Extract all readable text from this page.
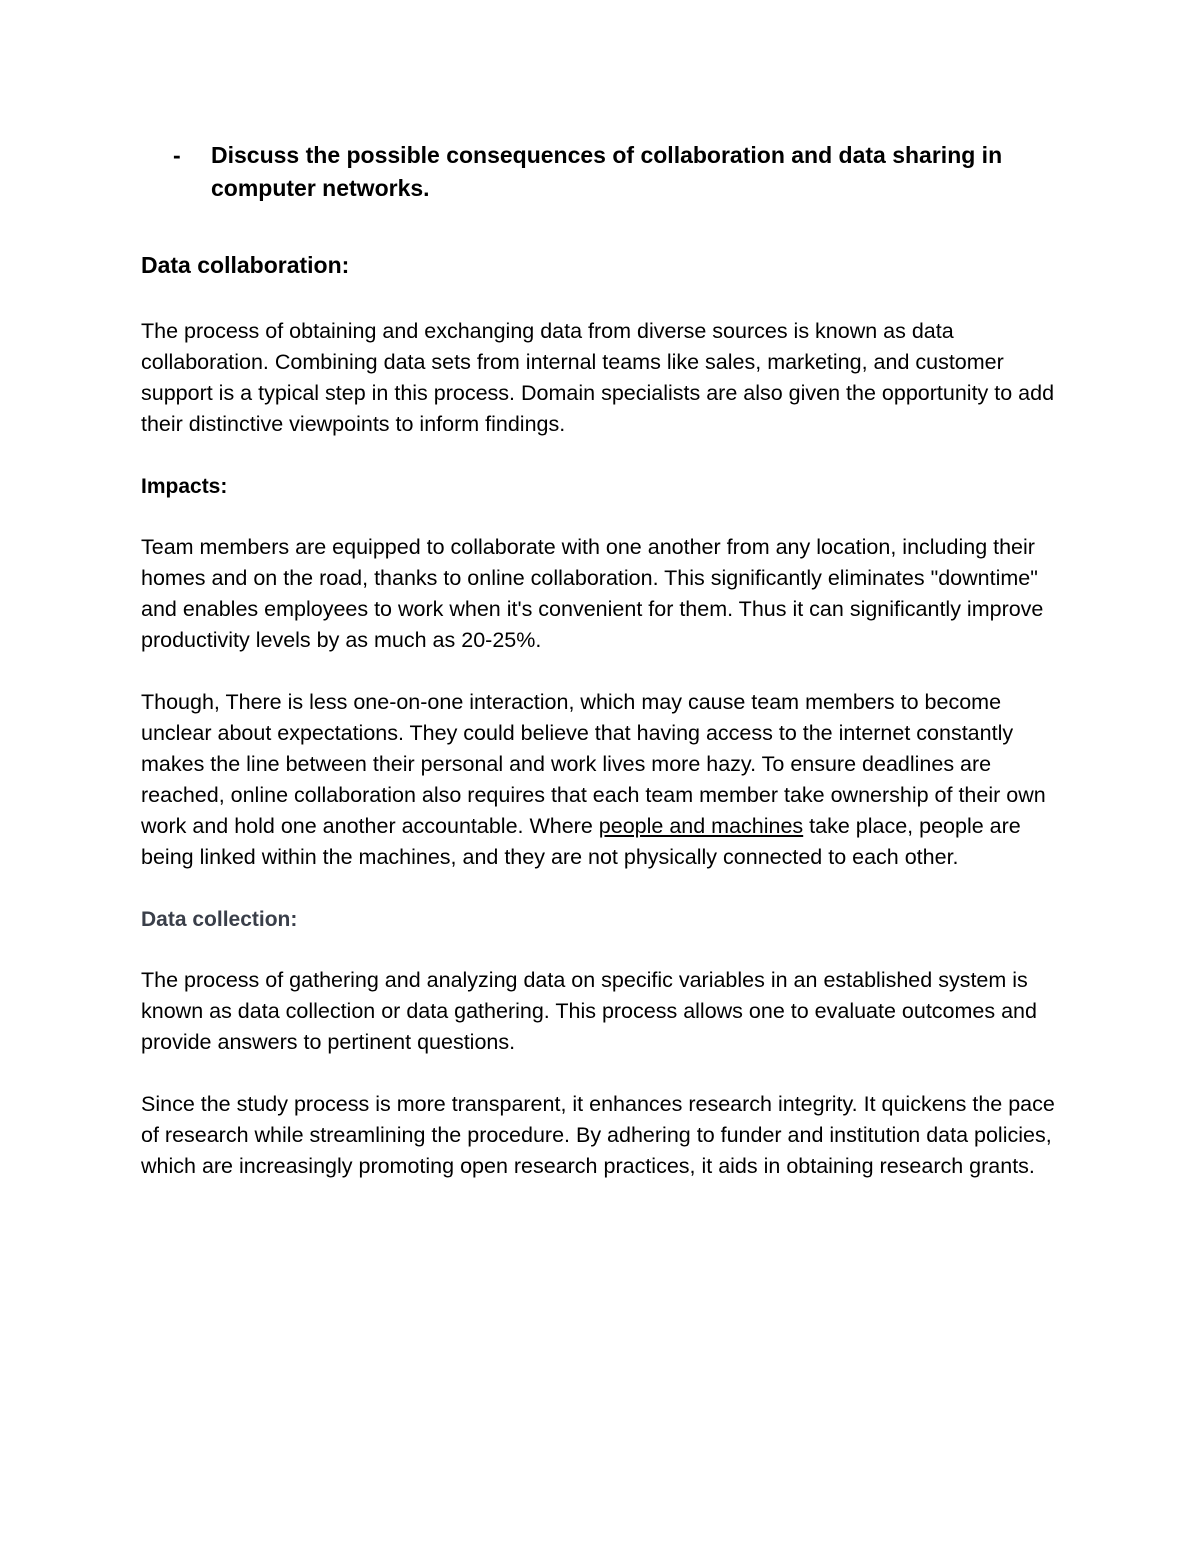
- Discuss the possible consequences of collaboration and data sharing in computer networks.
Data collaboration:

The process of obtaining and exchanging data from diverse sources is known as data collaboration. Combining data sets from internal teams like sales, marketing, and customer support is a typical step in this process. Domain specialists are also given the opportunity to add their distinctive viewpoints to inform findings.

Impacts:

Team members are equipped to collaborate with one another from any location, including their homes and on the road, thanks to online collaboration. This significantly eliminates "downtime" and enables employees to work when it's convenient for them. Thus it can significantly improve productivity levels by as much as 20-25%.

Though, There is less one-on-one interaction, which may cause team members to become unclear about expectations. They could believe that having access to the internet constantly makes the line between their personal and work lives more hazy. To ensure deadlines are reached, online collaboration also requires that each team member take ownership of their own work and hold one another accountable. Where people and machines take place, people are being linked within the machines, and they are not physically connected to each other.

Data collection:

The process of gathering and analyzing data on specific variables in an established system is known as data collection or data gathering. This process allows one to evaluate outcomes and provide answers to pertinent questions.

Since the study process is more transparent, it enhances research integrity. It quickens the pace of research while streamlining the procedure. By adhering to funder and institution data policies, which are increasingly promoting open research practices, it aids in obtaining research grants.
